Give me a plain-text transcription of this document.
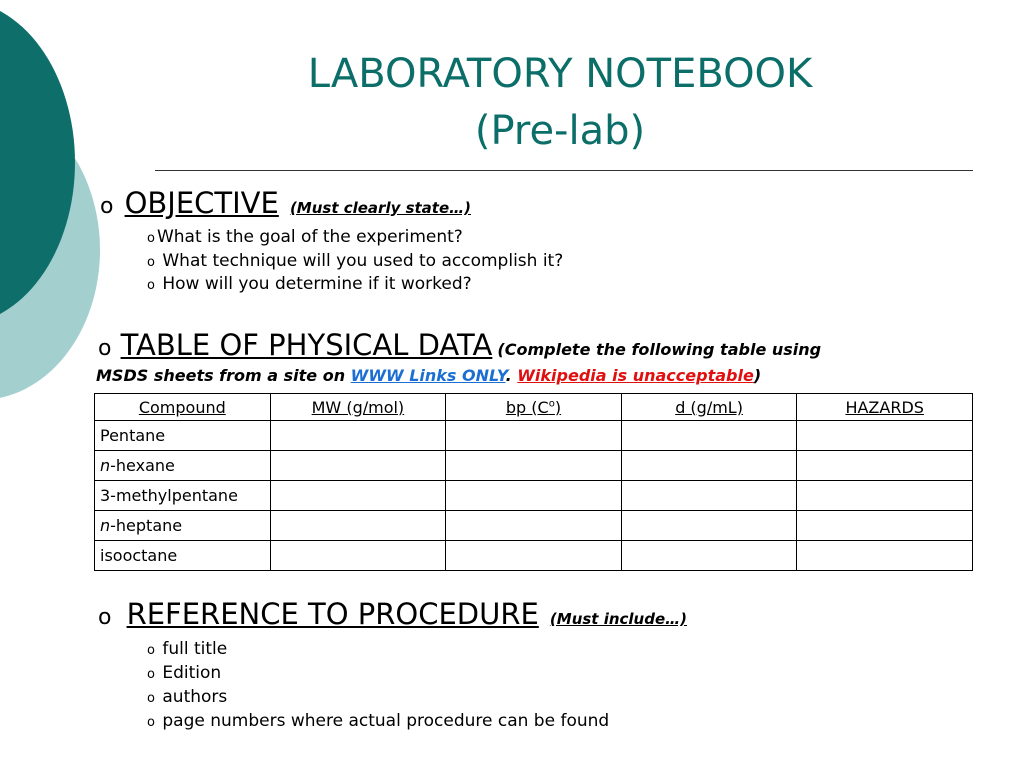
LABORATORY NOTEBOOK
(Pre-lab)
o OBJECTIVE (Must clearly state…)
o What is the goal of the experiment?
o What technique will you used to accomplish it?
o How will you determine if it worked?
o TABLE OF PHYSICAL DATA (Complete the following table using
MSDS sheets from a site on WWW Links ONLY. Wikipedia is unacceptable)
Compound	MW (g/mol)	bp $(C^o)$	d (g/mL)	HAZARDS
Pentane				
n-hexane				
3-methylpentane				
n-heptane				
isooctane				
o REFERENCE TO PROCEDURE (Must include…)
o full title
o Edition
o authors
o page numbers where actual procedure can be found
